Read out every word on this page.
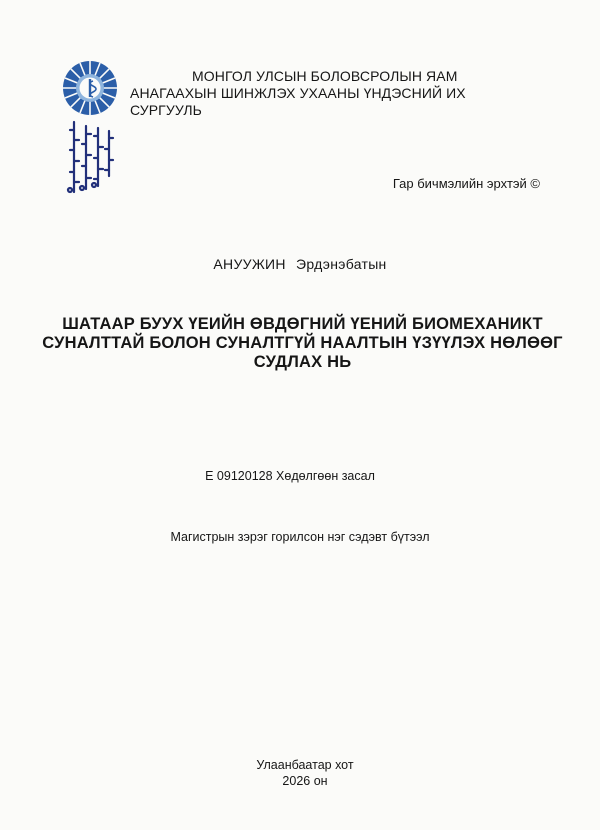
МОНГОЛ УЛСЫН БОЛОВСРОЛЫН ЯАМ
АНАГААХЫН ШИНЖЛЭХ УХААНЫ ҮНДЭСНИЙ ИХ СУРГУУЛЬ
Гар бичмэлийн эрхтэй ©
АНУУЖИН Эрдэнэбатын
ШАТААР БУУХ ҮЕИЙН ӨВДӨГНИЙ ҮЕНИЙ БИОМЕХАНИКТ
СУНАЛТТАЙ БОЛОН СУНАЛТГҮЙ НААЛТЫН ҮЗҮҮЛЭХ НӨЛӨӨГ
СУДЛАХ НЬ
Е 09120128 Хөдөлгөөн засал
Магистрын зэрэг горилсон нэг сэдэвт бүтээл
Улаанбаатар хот
2026 он
